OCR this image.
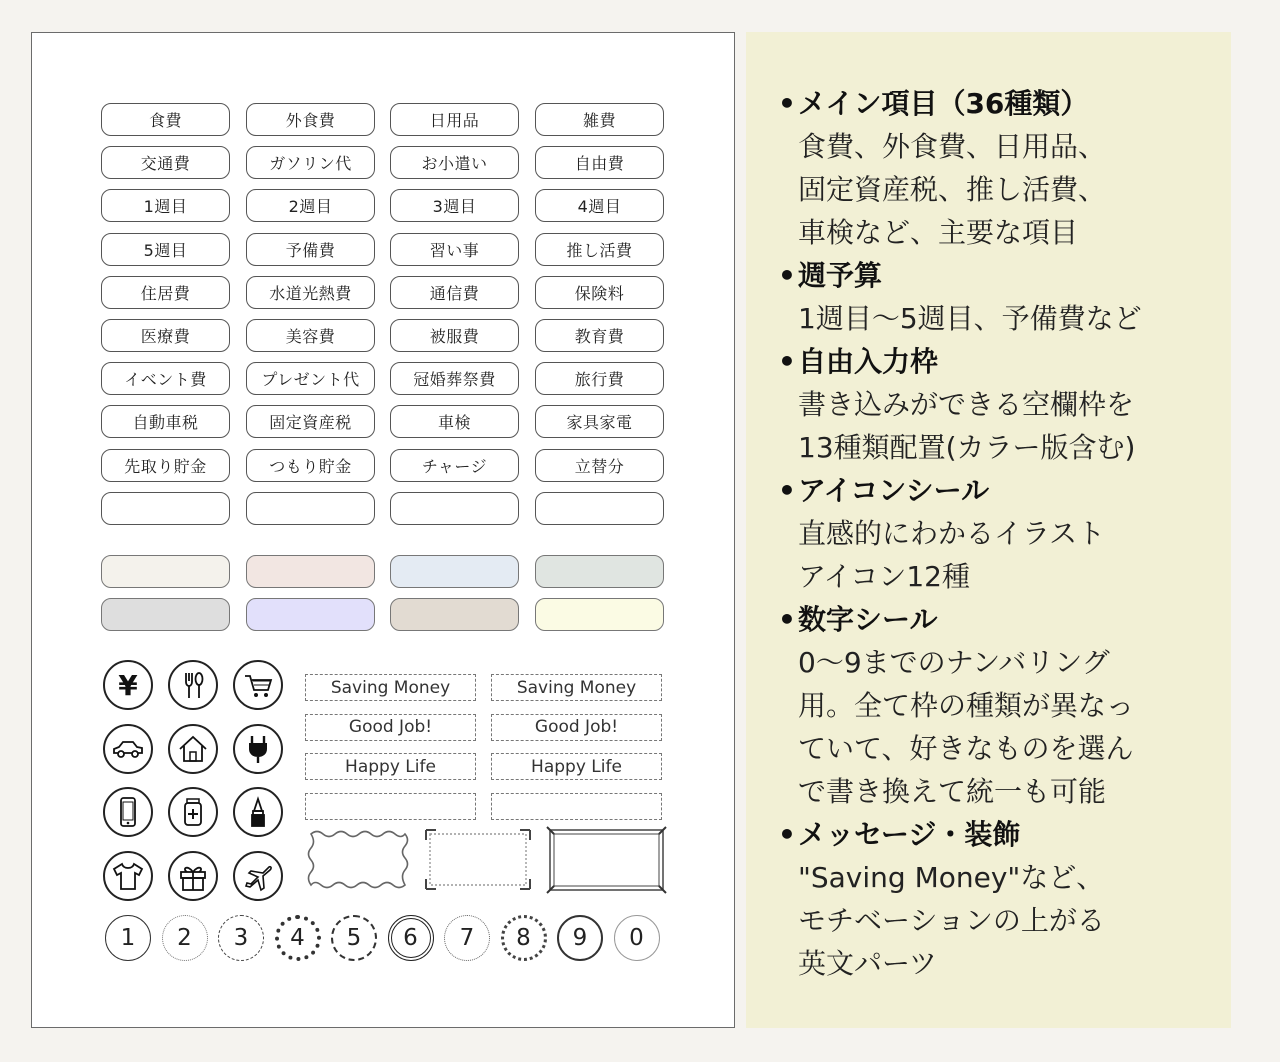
食費	外食費	日用品	雑費
交通費	ガソリン代	お小遣い	自由費
1週目	2週目	3週目	4週目
5週目	予備費	習い事	推し活費
住居費	水道光熱費	通信費	保険料
医療費	美容費	被服費	教育費
イベント費	プレゼント代	冠婚葬祭費	旅行費
自動車税	固定資産税	車検	家具家電
先取り貯金	つもり貯金	チャージ	立替分
¥	Saving Money	Saving Money
Good Job!	Good Job!
Happy Life	Happy Life
1	2	3	4	5	6	7	8	9	0
• メイン項目（36種類）
食費、外食費、日用品、
固定資産税、推し活費、
車検など、主要な項目
• 週予算
1週目〜5週目、予備費など
• 自由入力枠
書き込みができる空欄枠を
13種類配置(カラー版含む)
• アイコンシール
直感的にわかるイラスト
アイコン12種
• 数字シール
0〜9までのナンバリング
用。全て枠の種類が異なっ
ていて、好きなものを選ん
で書き換えて統一も可能
• メッセージ・装飾
"Saving Money"など、
モチベーションの上がる
英文パーツ
